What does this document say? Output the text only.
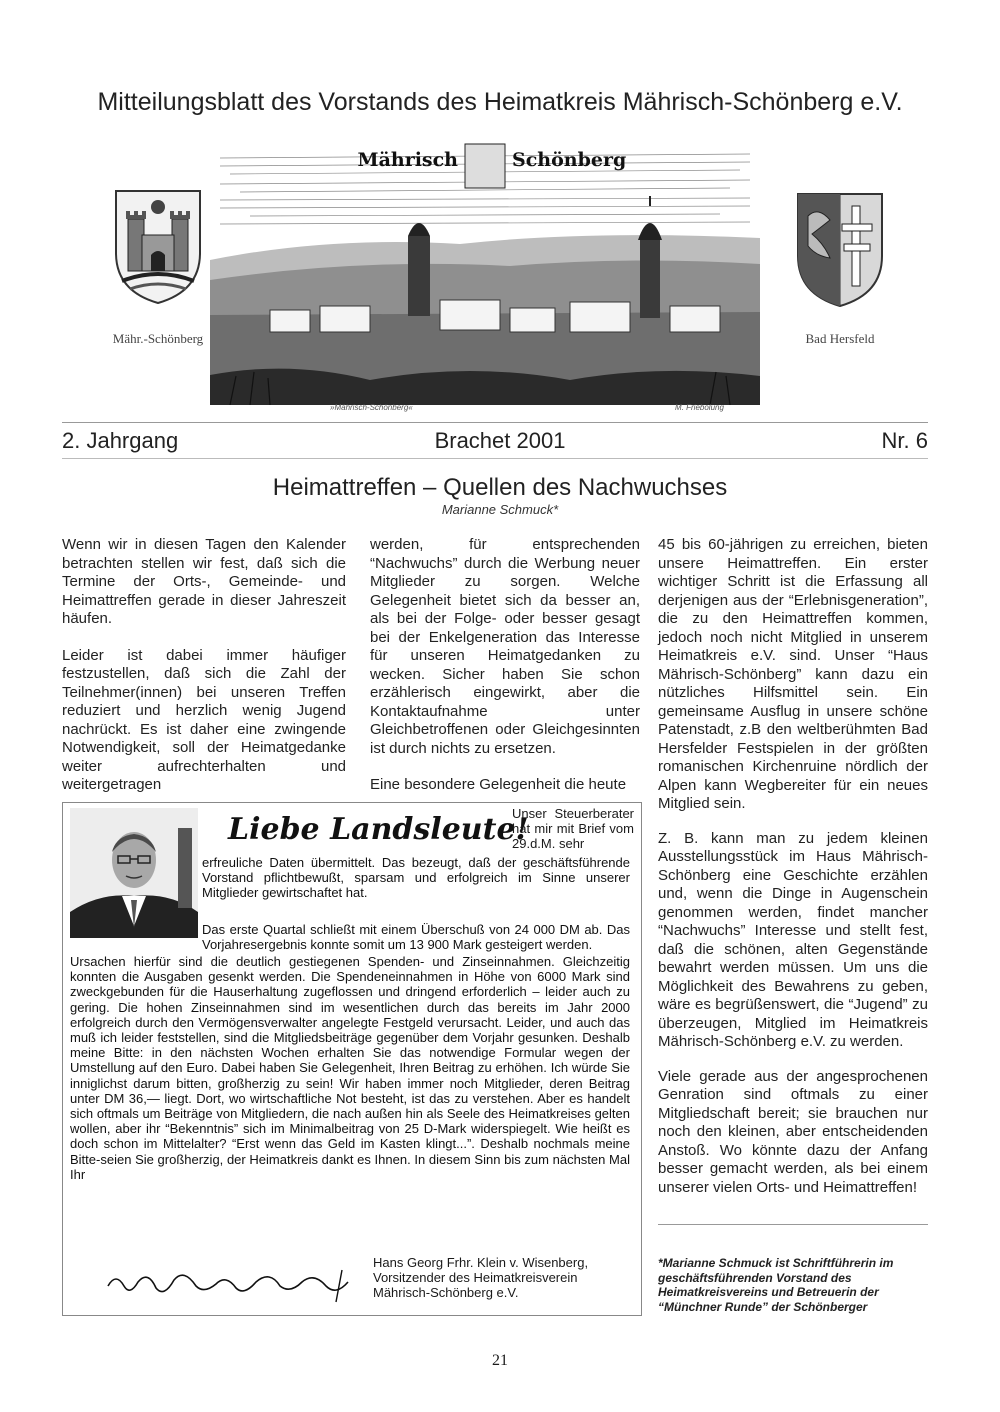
Mitteilungsblatt des Vorstands des Heimatkreis Mährisch-Schönberg e.V.
Mähr.-Schönberg	Bad Hersfeld
Mährisch	Schönberg
»Mährisch-Schönberg«	M. Friebolung
2. Jahrgang	Brachet 2001	Nr. 6
Heimattreffen – Quellen des Nachwuchses
Marianne Schmuck*

Wenn wir in diesen Tagen den Kalender betrachten stellen wir fest, daß sich die Termine der Orts-, Gemeinde- und Heimattreffen gerade in dieser Jahreszeit häufen.

Leider ist dabei immer häufiger festzustellen, daß sich die Zahl der Teilnehmer(innen) bei unseren Treffen reduziert und herzlich wenig Jugend nachrückt. Es ist daher eine zwingende Notwendigkeit, soll der Heimatgedanke weiter aufrechterhalten und weitergetragen

werden, für entsprechenden “Nachwuchs” durch die Werbung neuer Mitglieder zu sorgen. Welche Gelegenheit bietet sich da besser an, als bei der Folge- oder besser gesagt bei der Enkelgeneration das Interesse für unseren Heimatgedanken zu wecken. Sicher haben Sie schon erzählerisch eingewirkt, aber die Kontaktaufnahme unter Gleichbetroffenen oder Gleichgesinnten ist durch nichts zu ersetzen.

Eine besondere Gelegenheit die heute

45 bis 60-jährigen zu erreichen, bieten unsere Heimattreffen. Ein erster wichtiger Schritt ist die Erfassung all derjenigen aus der “Erlebnisgeneration”, die zu den Heimattreffen kommen, jedoch noch nicht Mitglied in unserem Heimatkreis e.V. sind. Unser “Haus Mährisch-Schönberg” kann dazu ein nützliches Hilfsmittel sein. Ein gemeinsame Ausflug in unsere schöne Patenstadt, z.B den weltberühmten Bad Hersfelder Festspielen in der größten romanischen Kirchenruine nördlich der Alpen kann Wegbereiter für ein neues Mitglied sein.

Z. B. kann man zu jedem kleinen Ausstellungsstück im Haus Mährisch-Schönberg eine Geschichte erzählen und, wenn die Dinge in Augenschein genommen werden, findet mancher “Nachwuchs” Interesse und stellt fest, daß die schönen, alten Gegenstände bewahrt werden müssen. Um uns die Möglichkeit des Bewahrens zu geben, wäre es begrüßenswert, die “Jugend” zu überzeugen, Mitglied im Heimatkreis Mährisch-Schönberg e.V. zu werden.

Viele gerade aus der angesprochenen Genration sind oftmals zu einer Mitgliedschaft bereit; sie brauchen nur noch den kleinen, aber entscheidenden Anstoß. Wo könnte dazu der Anfang besser gemacht werden, als bei einem unserer vielen Orts- und Heimattreffen!

*Marianne Schmuck ist Schriftführerin im geschäftsführenden Vorstand des Heimatkreisvereins und Betreuerin der “Münchner Runde” der Schönberger
Liebe Landsleute!
Unser Steuerberater hat mir mit Brief vom 29.d.M. sehr
erfreuliche Daten übermittelt. Das bezeugt, daß der geschäftsführende Vorstand pflichtbewußt, sparsam und erfolgreich im Sinne unserer Mitglieder gewirtschaftet hat.
Das erste Quartal schließt mit einem Überschuß von 24 000 DM ab. Das Vorjahresergebnis konnte somit um 13 900 Mark gesteigert werden.
Ursachen hierfür sind die deutlich gestiegenen Spenden- und Zinseinnahmen. Gleichzeitig konnten die Ausgaben gesenkt werden. Die Spendeneinnahmen in Höhe von 6000 Mark sind zweckgebunden für die Hauserhaltung zugeflossen und dringend erforderlich – leider auch zu gering. Die hohen Zinseinnahmen sind im wesentlichen durch das bereits im Jahr 2000 erfolgreich durch den Vermögensverwalter angelegte Festgeld verursacht. Leider, und auch das muß ich leider feststellen, sind die Mitgliedsbeiträge gegenüber dem Vorjahr gesunken. Deshalb meine Bitte: in den nächsten Wochen erhalten Sie das notwendige Formular wegen der Umstellung auf den Euro. Dabei haben Sie Gelegenheit, Ihren Beitrag zu erhöhen. Ich würde Sie inniglichst darum bitten, großherzig zu sein! Wir haben immer noch Mitglieder, deren Beitrag unter DM 36,— liegt. Dort, wo wirtschaftliche Not besteht, ist das zu verstehen. Aber es handelt sich oftmals um Beiträge von Mitgliedern, die nach außen hin als Seele des Heimatkreises gelten wollen, aber ihr “Bekenntnis” sich im Minimalbeitrag von 25 D-Mark widerspiegelt. Wie heißt es doch schon im Mittelalter? “Erst wenn das Geld im Kasten klingt...”. Deshalb nochmals meine Bitte-seien Sie großherzig, der Heimatkreis dankt es Ihnen. In diesem Sinn bis zum nächsten Mal Ihr
Hans Georg Frhr. Klein v. Wisenberg, Vorsitzender des Heimatkreisverein Mährisch-Schönberg e.V.
21
